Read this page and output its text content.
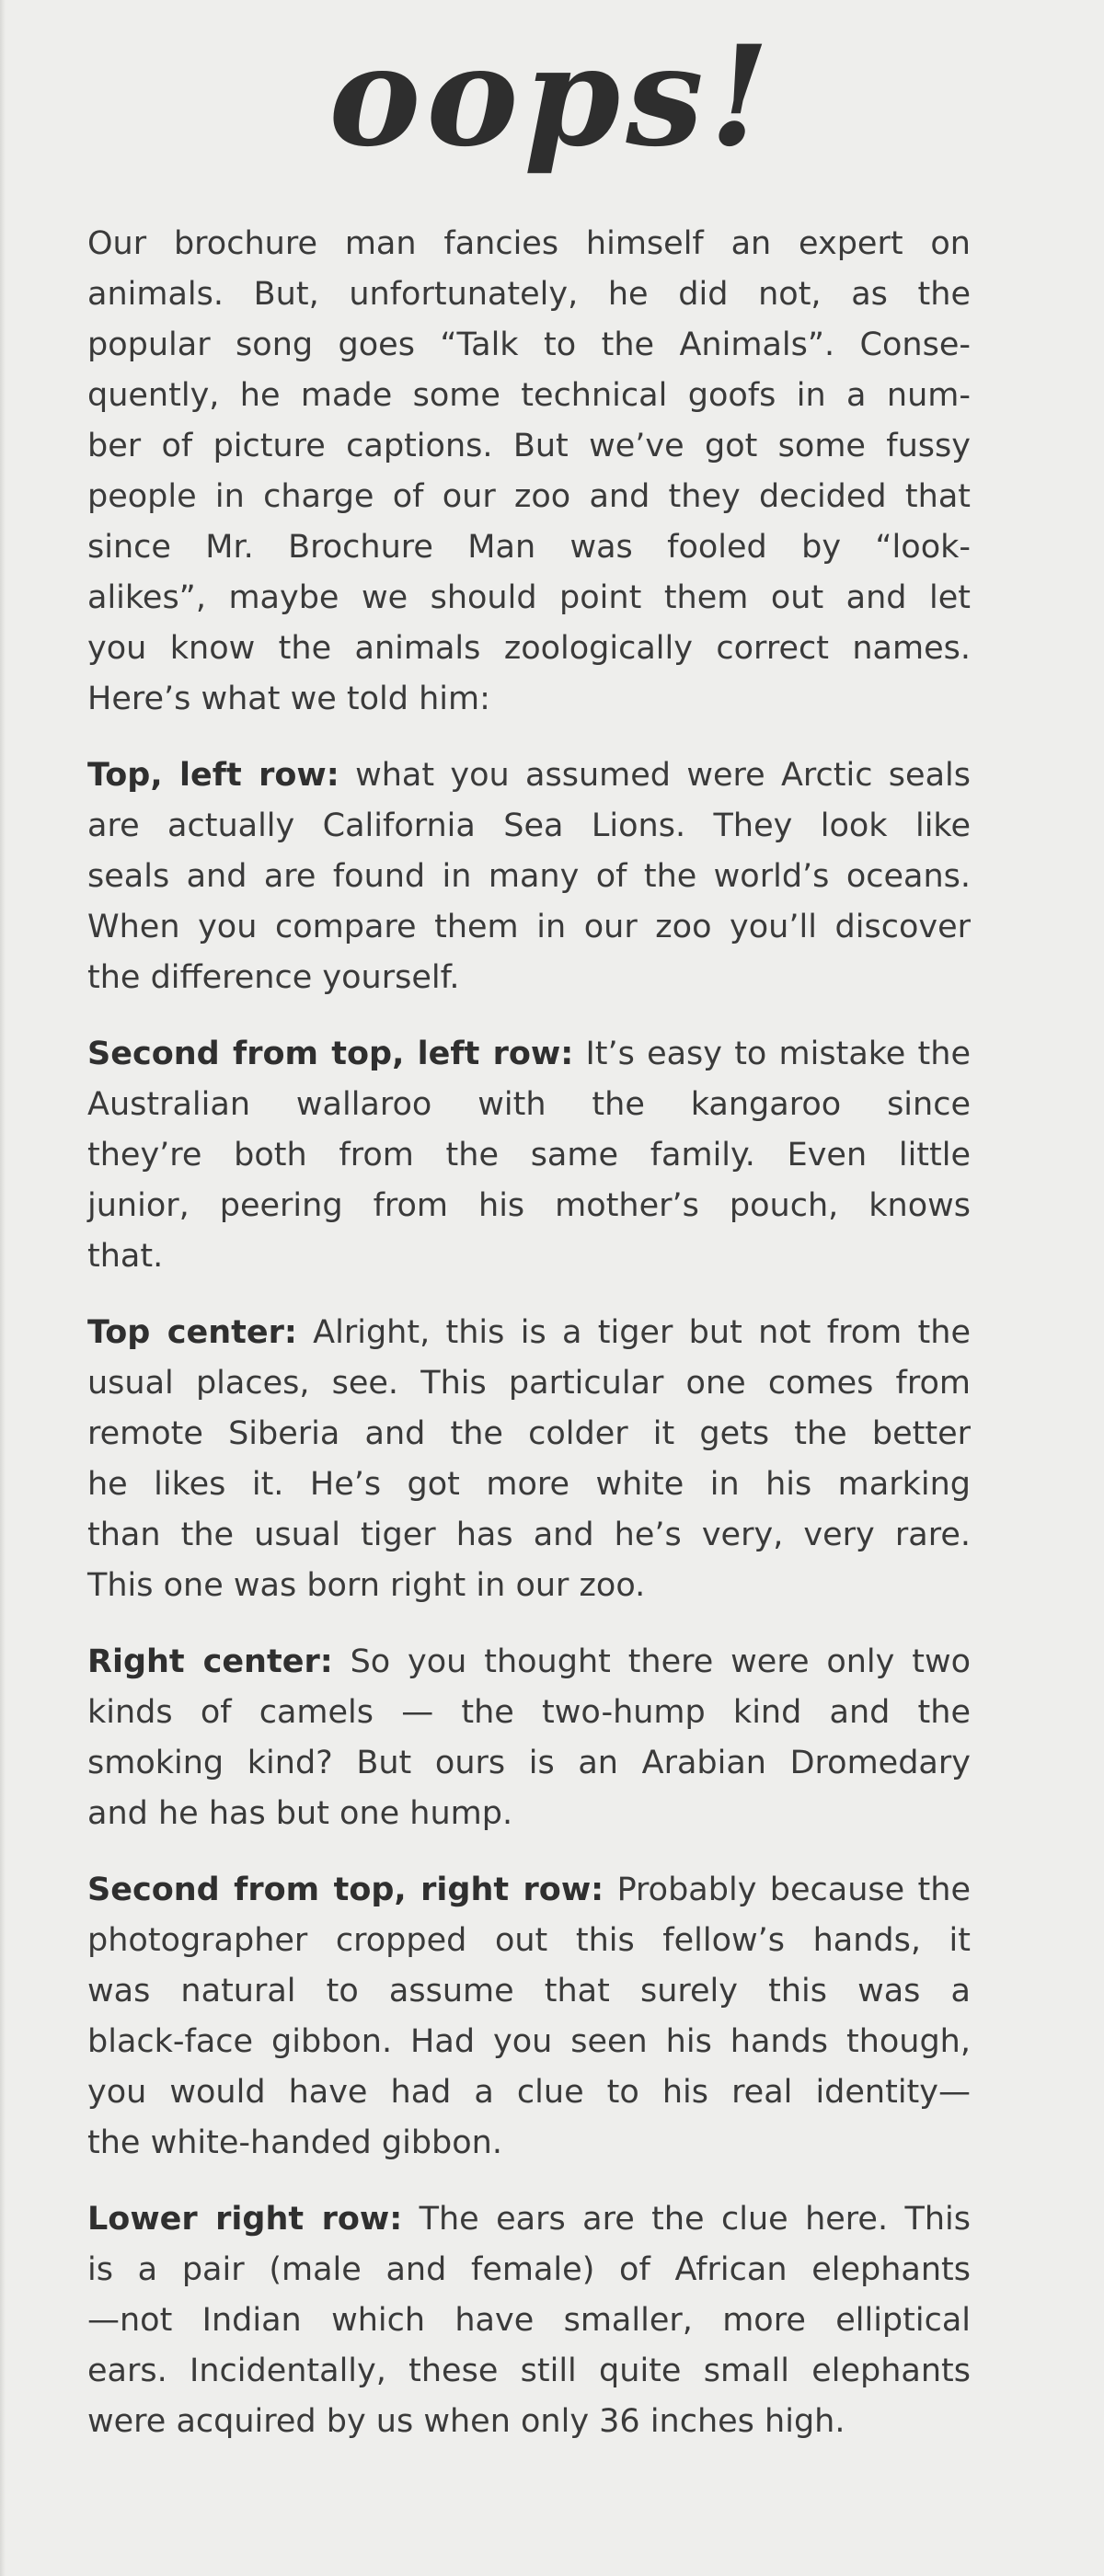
oops!

Our brochure man fancies himself an expert on

animals. But, unfortunately, he did not, as the

popular song goes “Talk to the Animals”. Conse-

quently, he made some technical goofs in a num-

ber of picture captions. But we’ve got some fussy

people in charge of our zoo and they decided that

since Mr. Brochure Man was fooled by “look-

alikes”, maybe we should point them out and let

you know the animals zoologically correct names.

Here’s what we told him:

Top, left row: what you assumed were Arctic seals

are actually California Sea Lions. They look like

seals and are found in many of the world’s oceans.

When you compare them in our zoo you’ll discover

the difference yourself.

Second from top, left row: It’s easy to mistake the

Australian wallaroo with the kangaroo since

they’re both from the same family. Even little

junior, peering from his mother’s pouch, knows

that.

Top center: Alright, this is a tiger but not from the

usual places, see. This particular one comes from

remote Siberia and the colder it gets the better

he likes it. He’s got more white in his marking

than the usual tiger has and he’s very, very rare.

This one was born right in our zoo.

Right center: So you thought there were only two

kinds of camels — the two-hump kind and the

smoking kind? But ours is an Arabian Dromedary

and he has but one hump.

Second from top, right row: Probably because the

photographer cropped out this fellow’s hands, it

was natural to assume that surely this was a

black-face gibbon. Had you seen his hands though,

you would have had a clue to his real identity—

the white-handed gibbon.

Lower right row: The ears are the clue here. This

is a pair (male and female) of African elephants

—not Indian which have smaller, more elliptical

ears. Incidentally, these still quite small elephants

were acquired by us when only 36 inches high.
